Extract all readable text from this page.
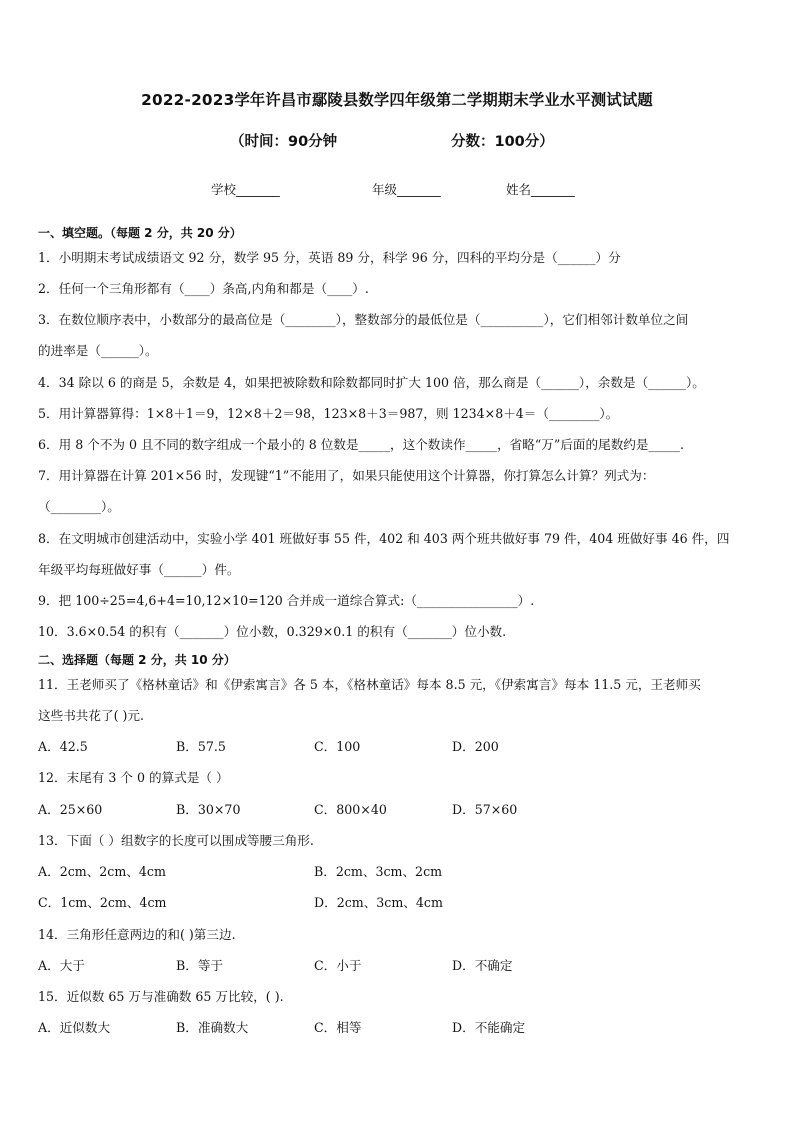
2022-2023学年许昌市鄢陵县数学四年级第二学期期末学业水平测试试题
（时间：90分钟	分数：100分）
学校_______	年级_______	姓名_______
一、填空题。（每题 2 分，共 20 分）
1．小明期末考试成绩语文 92 分，数学 95 分，英语 89 分，科学 96 分，四科的平均分是（______）分
2．任何一个三角形都有（____）条高,内角和都是（____）.
3．在数位顺序表中，小数部分的最高位是（________），整数部分的最低位是（__________），它们相邻计数单位之间
的进率是（______）。
4．34 除以 6 的商是 5，余数是 4，如果把被除数和除数都同时扩大 100 倍，那么商是（______），余数是（______）。
5．用计算器算得：1×8＋1＝9，12×8＋2＝98，123×8＋3＝987，则 1234×8＋4＝（________）。
6．用 8 个不为 0 且不同的数字组成一个最小的 8 位数是_____，这个数读作_____，省略“万”后面的尾数约是_____.
7．用计算器在计算 201×56 时，发现键“1”不能用了，如果只能使用这个计算器，你打算怎么计算？列式为：
（________）。
8．在文明城市创建活动中，实验小学 401 班做好事 55 件，402 和 403 两个班共做好事 79 件，404 班做好事 46 件，四
年级平均每班做好事（______）件。
9．把 100÷25=4,6+4=10,12×10=120 合并成一道综合算式:（________________）.
10．3.6×0.54 的积有（_______）位小数，0.329×0.1 的积有（_______）位小数.
二、选择题（每题 2 分，共 10 分）
11．王老师买了《格林童话》和《伊索寓言》各 5 本，《格林童话》每本 8.5 元，《伊索寓言》每本 11.5 元，王老师买
这些书共花了( )元.
A．42.5	B．57.5	C．100	D．200
12．末尾有 3 个 0 的算式是（ ）
A．25×60	B．30×70	C．800×40	D．57×60
13．下面（ ）组数字的长度可以围成等腰三角形.
A．2cm、2cm、4cm	B．2cm、3cm、2cm
C．1cm、2cm、4cm	D．2cm、3cm、4cm
14．三角形任意两边的和( )第三边.
A．大于	B．等于	C．小于	D．不确定
15．近似数 65 万与准确数 65 万比较，( ).
A．近似数大	B．准确数大	C．相等	D．不能确定
